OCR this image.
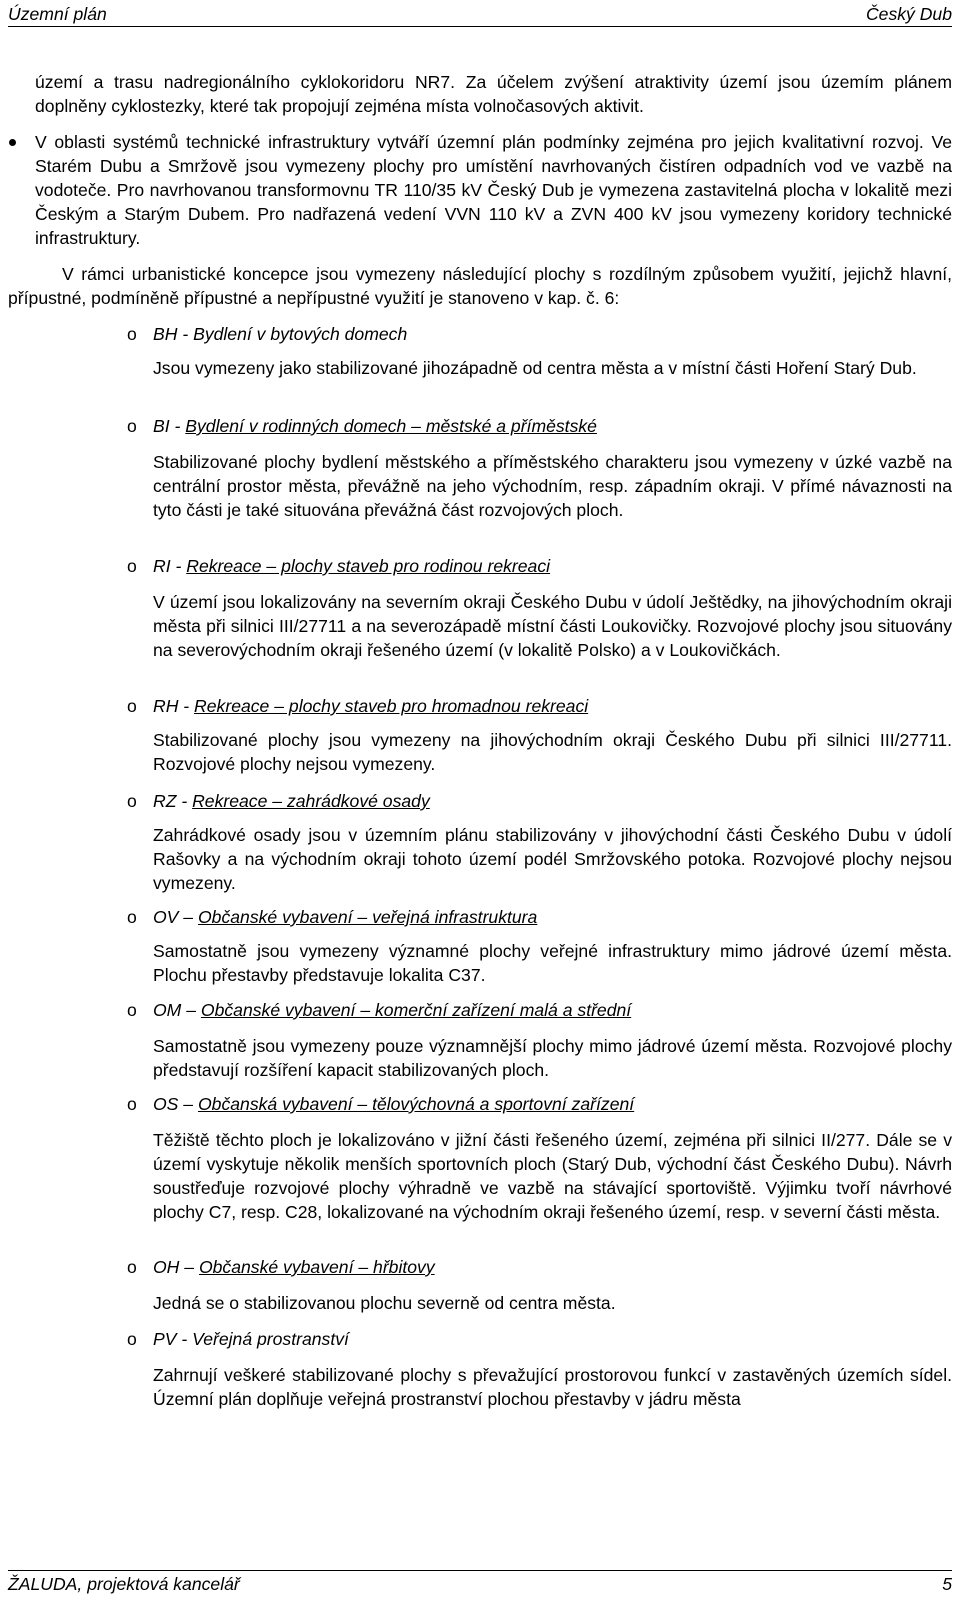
Územní plán	Český Dub

území a trasu nadregionálního cyklokoridoru NR7. Za účelem zvýšení atraktivity území jsou územím plánem doplněny cyklostezky, které tak propojují zejména místa volnočasových aktivit.

V oblasti systémů technické infrastruktury vytváří územní plán podmínky zejména pro jejich kvalitativní rozvoj. Ve Starém Dubu a Smržově jsou vymezeny plochy pro umístění navrhovaných čistíren odpadních vod ve vazbě na vodoteče. Pro navrhovanou transformovnu TR 110/35 kV Český Dub je vymezena zastavitelná plocha v lokalitě mezi Českým a Starým Dubem. Pro nadřazená vedení VVN 110 kV a ZVN 400 kV jsou vymezeny koridory technické infrastruktury.

V rámci urbanistické koncepce jsou vymezeny následující plochy s rozdílným způsobem využití, jejichž hlavní, přípustné, podmíněně přípustné a nepřípustné využití je stanoveno v kap. č. 6:

o BH - Bydlení v bytových domech

Jsou vymezeny jako stabilizované jihozápadně od centra města a v místní části Hoření Starý Dub.

o BI - Bydlení v rodinných domech – městské a příměstské

Stabilizované plochy bydlení městského a příměstského charakteru jsou vymezeny v úzké vazbě na centrální prostor města, převážně na jeho východním, resp. západním okraji. V přímé návaznosti na tyto části je také situována převážná část rozvojových ploch.

o RI - Rekreace – plochy staveb pro rodinou rekreaci

V území jsou lokalizovány na severním okraji Českého Dubu v údolí Ještědky, na jihovýchodním okraji města při silnici III/27711 a na severozápadě místní části Loukovičky. Rozvojové plochy jsou situovány na severovýchodním okraji řešeného území (v lokalitě Polsko) a v Loukovičkách.

o RH - Rekreace – plochy staveb pro hromadnou rekreaci

Stabilizované plochy jsou vymezeny na jihovýchodním okraji Českého Dubu při silnici III/27711. Rozvojové plochy nejsou vymezeny.

o RZ - Rekreace – zahrádkové osady

Zahrádkové osady jsou v územním plánu stabilizovány v jihovýchodní části Českého Dubu v údolí Rašovky a na východním okraji tohoto území podél Smržovského potoka. Rozvojové plochy nejsou vymezeny.

o OV – Občanské vybavení – veřejná infrastruktura

Samostatně jsou vymezeny významné plochy veřejné infrastruktury mimo jádrové území města. Plochu přestavby představuje lokalita C37.

o OM – Občanské vybavení – komerční zařízení malá a střední

Samostatně jsou vymezeny pouze významnější plochy mimo jádrové území města. Rozvojové plochy představují rozšíření kapacit stabilizovaných ploch.

o OS – Občanská vybavení – tělovýchovná a sportovní zařízení

Těžiště těchto ploch je lokalizováno v jižní části řešeného území, zejména při silnici II/277. Dále se v území vyskytuje několik menších sportovních ploch (Starý Dub, východní část Českého Dubu). Návrh soustřeďuje rozvojové plochy výhradně ve vazbě na stávající sportoviště. Výjimku tvoří návrhové plochy C7, resp. C28, lokalizované na východním okraji řešeného území, resp. v severní části města.

o OH – Občanské vybavení – hřbitovy

Jedná se o stabilizovanou plochu severně od centra města.

o PV - Veřejná prostranství

Zahrnují veškeré stabilizované plochy s převažující prostorovou funkcí v zastavěných územích sídel. Územní plán doplňuje veřejná prostranství plochou přestavby v jádru města

ŽALUDA, projektová kancelář	5
